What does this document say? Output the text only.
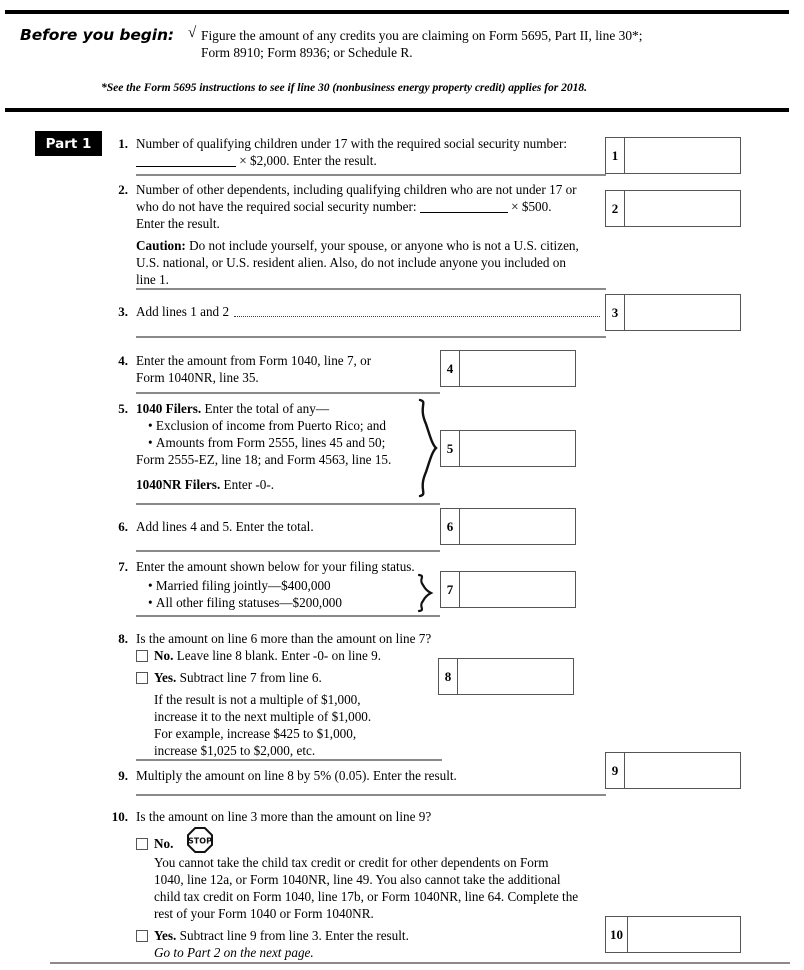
Before you begin: √ Figure the amount of any credits you are claiming on Form 5695, Part II, line 30*;
Form 8910; Form 8936; or Schedule R.
*See the Form 5695 instructions to see if line 30 (nonbusiness energy property credit) applies for 2018.
Part 1	1. Number of qualifying children under 17 with the required social security number:
× $2,000. Enter the result.	1
2. Number of other dependents, including qualifying children who are not under 17 or
who do not have the required social security number:	× $500.
Enter the result.
Caution: Do not include yourself, your spouse, or anyone who is not a U.S. citizen,
U.S. national, or U.S. resident alien. Also, do not include anyone you included on
line 1.
2
3. Add lines 1 and 2	3
4. Enter the amount from Form 1040, line 7, or
Form 1040NR, line 35.
4
5. 1040 Filers. Enter the total of any—
• Exclusion of income from Puerto Rico; and
• Amounts from Form 2555, lines 45 and 50;
Form 2555-EZ, line 18; and Form 4563, line 15.
1040NR Filers. Enter -0-.
5
6. Add lines 4 and 5. Enter the total.	6
7. Enter the amount shown below for your filing status.
• Married filing jointly—$400,000
• All other filing statuses—$200,000
7
8. Is the amount on line 6 more than the amount on line 7?
No. Leave line 8 blank. Enter -0- on line 9.
Yes. Subtract line 7 from line 6.
If the result is not a multiple of $1,000,
increase it to the next multiple of $1,000.
For example, increase $425 to $1,000,
increase $1,025 to $2,000, etc.
8
9. Multiply the amount on line 8 by 5% (0.05). Enter the result.	9
10. Is the amount on line 3 more than the amount on line 9?
No.	STOP
You cannot take the child tax credit or credit for other dependents on Form
1040, line 12a, or Form 1040NR, line 49. You also cannot take the additional
child tax credit on Form 1040, line 17b, or Form 1040NR, line 64. Complete the
rest of your Form 1040 or Form 1040NR.
Yes. Subtract line 9 from line 3. Enter the result.
Go to Part 2 on the next page.
10
